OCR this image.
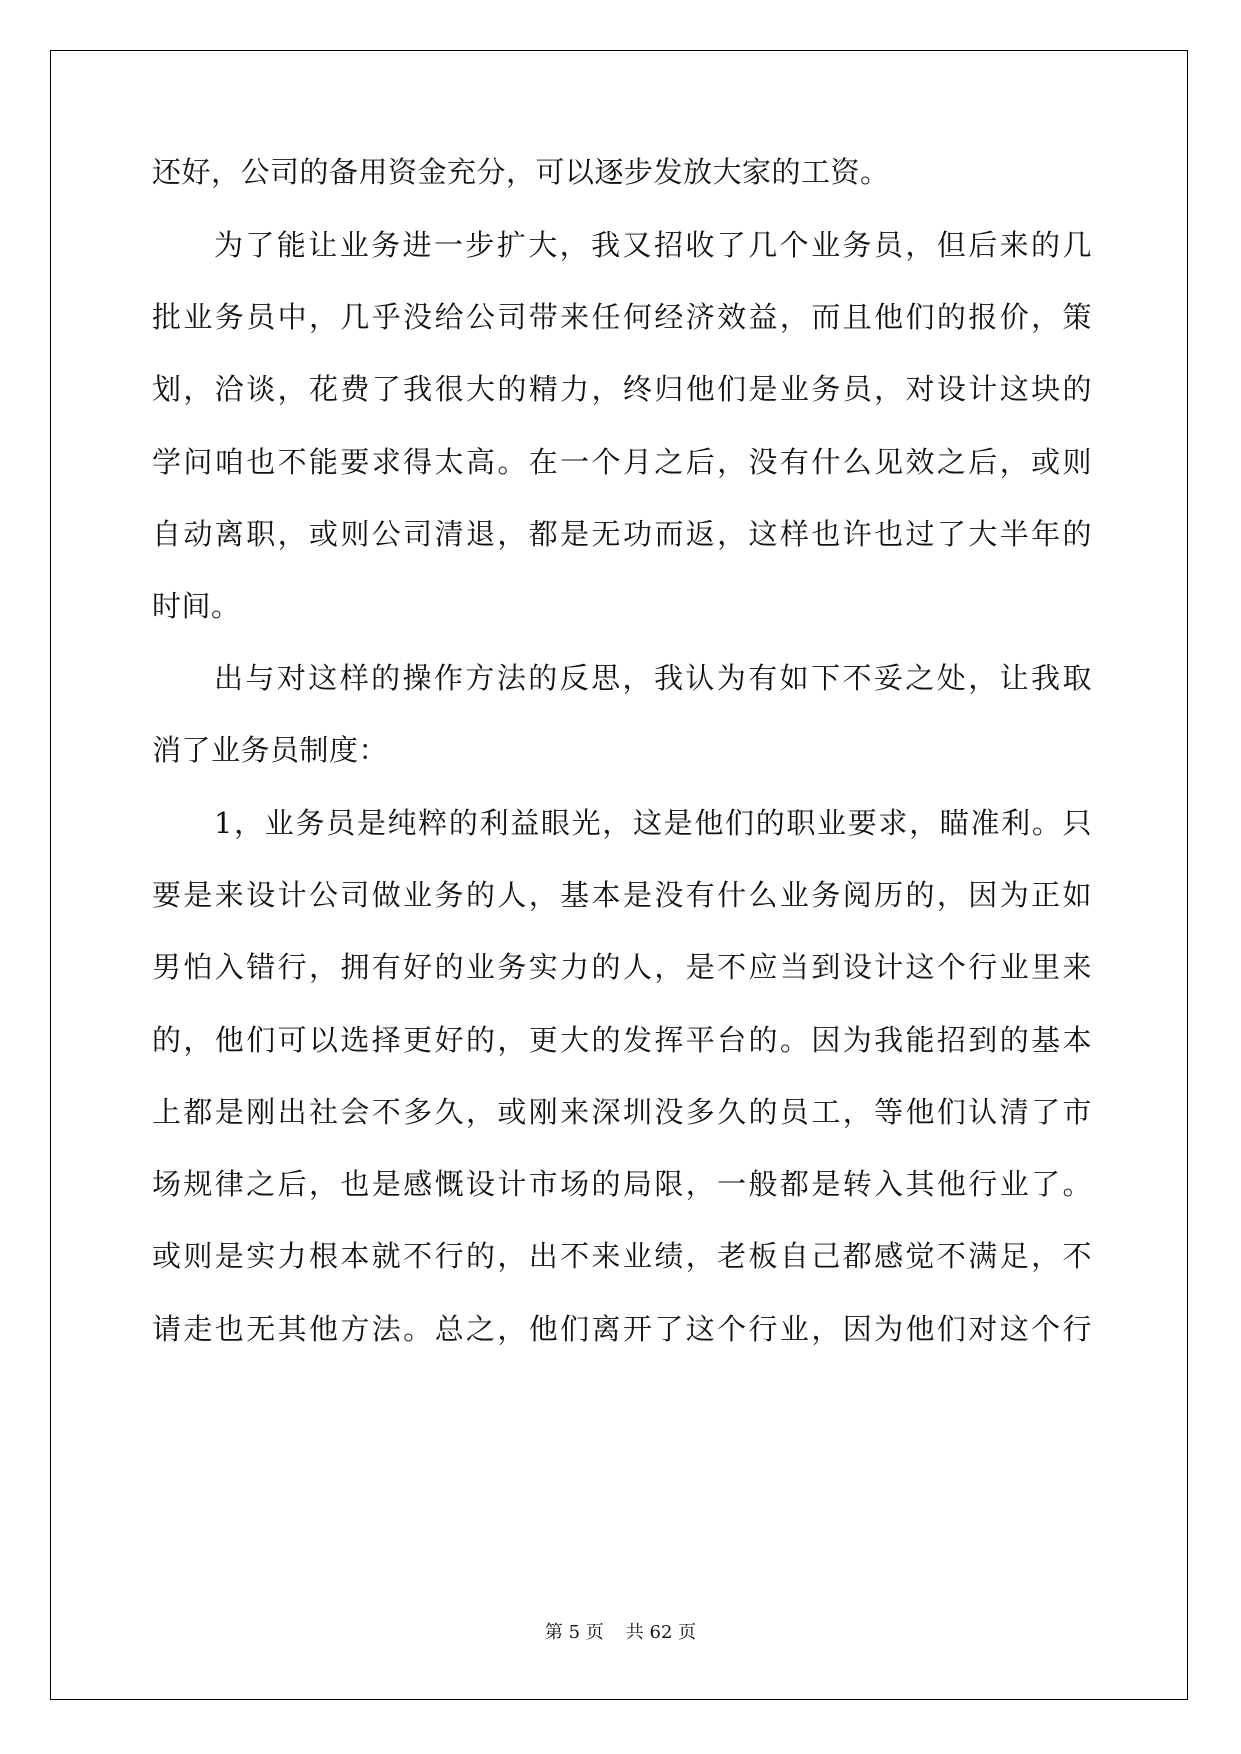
还好，公司的备用资金充分，可以逐步发放大家的工资。
为了能让业务进一步扩大，我又招收了几个业务员，但后来的几
批业务员中，几乎没给公司带来任何经济效益，而且他们的报价，策
划，洽谈，花费了我很大的精力，终归他们是业务员，对设计这块的
学问咱也不能要求得太高。在一个月之后，没有什么见效之后，或则
自动离职，或则公司清退，都是无功而返，这样也许也过了大半年的
时间。
出与对这样的操作方法的反思，我认为有如下不妥之处，让我取
消了业务员制度：
1，业务员是纯粹的利益眼光，这是他们的职业要求，瞄准利。只
要是来设计公司做业务的人，基本是没有什么业务阅历的，因为正如
男怕入错行，拥有好的业务实力的人，是不应当到设计这个行业里来
的，他们可以选择更好的，更大的发挥平台的。因为我能招到的基本
上都是刚出社会不多久，或刚来深圳没多久的员工，等他们认清了市
场规律之后，也是感慨设计市场的局限，一般都是转入其他行业了。
或则是实力根本就不行的，出不来业绩，老板自己都感觉不满足，不
请走也无其他方法。总之，他们离开了这个行业，因为他们对这个行
第 5 页 共 62 页
